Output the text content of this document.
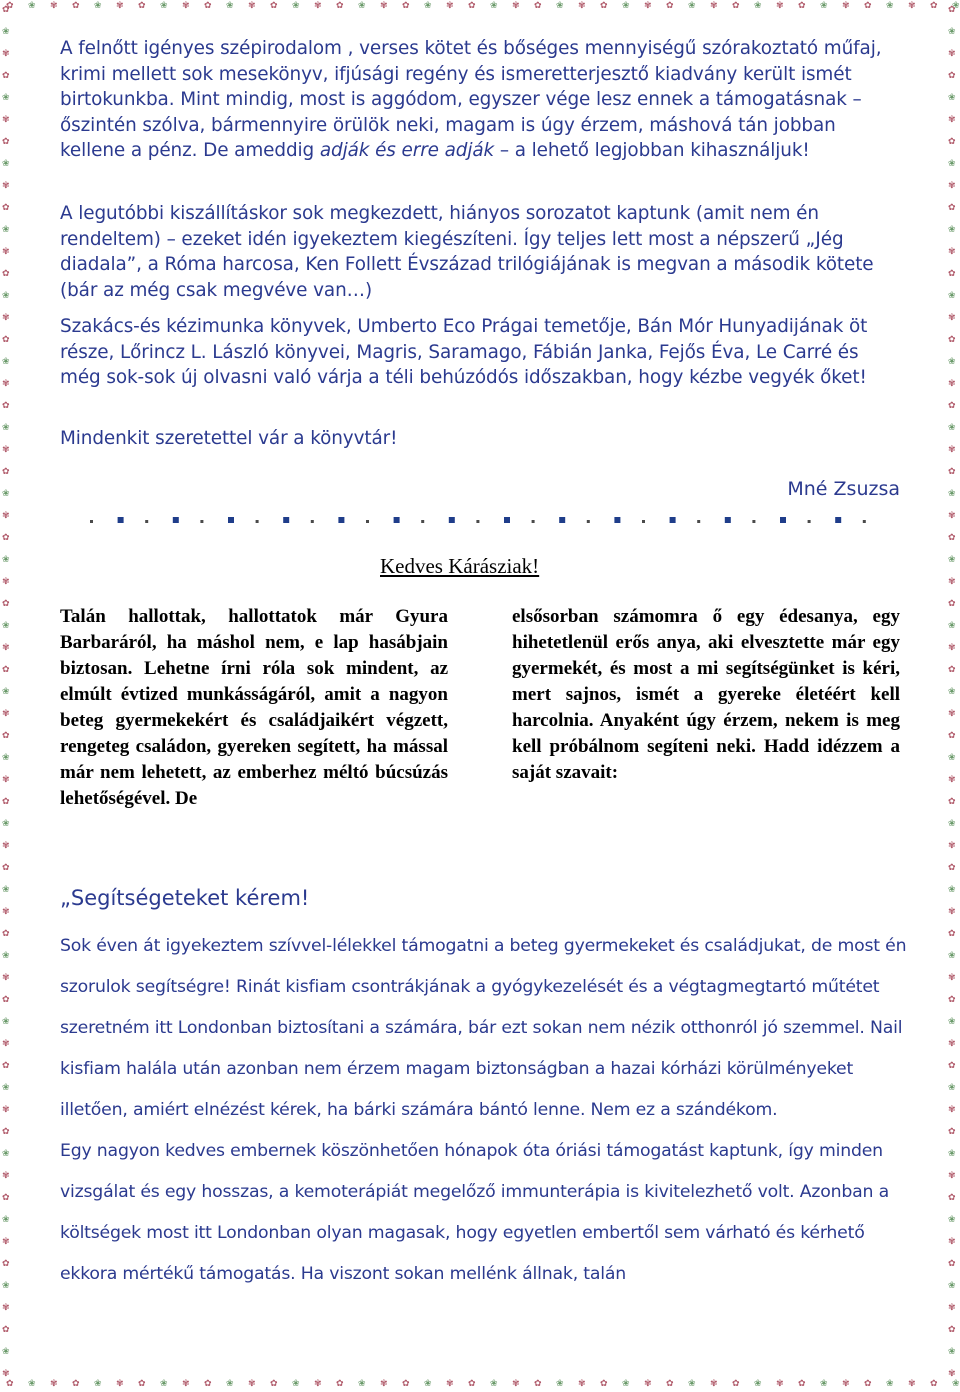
✿ ❀ ✾ ✿ ❀ ✾ ✿ ❀ ✾ ✿ ❀ ✾ ✿ ❀ ✾ ✿ ❀ ✾ ✿ ❀ ✾ ✿ ❀ ✾ ✿ ❀ ✾ ✿ ❀ ✾ ✿ ❀ ✾ ✿ ❀ ✾ ✿ ❀ ✾ ✿ ❀ ✾ ✿ ❀
✿ ❀ ✾ ✿ ❀ ✾ ✿ ❀ ✾ ✿ ❀ ✾ ✿ ❀ ✾ ✿ ❀ ✾ ✿ ❀ ✾ ✿ ❀ ✾ ✿ ❀ ✾ ✿ ❀ ✾ ✿ ❀ ✾ ✿ ❀ ✾ ✿ ❀ ✾ ✿ ❀ ✾ ✿ ❀
✿
❀
✾
✿
❀
✾
✿
❀
✾
✿
❀
✾
✿
❀
✾
✿
❀
✾
✿
❀
✾
✿
❀
✾
✿
❀
✾
✿
❀
✾
✿
❀
✾
✿
❀
✾
✿
❀
✾
✿
❀
✾
✿
❀
✾
✿
❀
✾
✿
❀
✾
✿
❀
✾
✿
❀
✾
✿
❀
✾
✿
❀
✾
✿
❀
✾
✿
❀
✾
✿
❀
✾
✿
❀
✾
✿
❀
✾
✿
❀
✾
✿
❀
✾
✿
❀
✾
✿
❀
✾
✿
❀
✾
✿
❀
✾
✿
❀
✾
✿
❀
✾
✿
❀
✾
✿
❀
✾
✿
❀
✾
✿
❀
✾
✿
❀
✾
✿
❀
✾
✿
❀
✾
✿
❀
✾
A felnőtt igényes szépirodalom , verses kötet és bőséges mennyiségű szórakoztató műfaj, krimi mellett sok mesekönyv, ifjúsági regény és ismeretterjesztő kiadvány került ismét birtokunkba. Mint mindig, most is aggódom, egyszer vége lesz ennek a támogatásnak – őszintén szólva, bármennyire örülök neki, magam is úgy érzem, máshová tán jobban kellene a pénz. De ameddig adják és erre adják – a lehető legjobban kihasználjuk!
A legutóbbi kiszállításkor sok megkezdett, hiányos sorozatot kaptunk (amit nem én rendeltem) – ezeket idén igyekeztem kiegészíteni. Így teljes lett most a népszerű „Jég diadala”, a Róma harcosa, Ken Follett Évszázad trilógiájának is megvan a második kötete (bár az még csak megvéve van…)
Szakács-és kézimunka könyvek, Umberto Eco Prágai temetője, Bán Mór Hunyadijának öt része, Lőrincz L. László könyvei, Magris, Saramago, Fábián Janka, Fejős Éva, Le Carré és még sok-sok új olvasni való várja a téli behúzódós időszakban, hogy kézbe vegyék őket!
Mindenkit szeretettel vár a könyvtár!
Mné Zsuzsa
Kedves Kárásziak!
Talán hallottak, hallottatok már Gyura Barbaráról, ha máshol nem, e lap hasábjain biztosan. Lehetne írni róla sok mindent, az elmúlt évtized munkásságáról, amit a nagyon beteg gyermekekért és családjaikért végzett, rengeteg családon, gyereken segített, ha mással már nem lehetett, az emberhez méltó búcsúzás lehetőségével. De
elsősorban számomra ő egy édesanya, egy hihetetlenül erős anya, aki elvesztette már egy gyermekét, és most a mi segítségünket is kéri, mert sajnos, ismét a gyereke életéért kell harcolnia. Anyaként úgy érzem, nekem is meg kell próbálnom segíteni neki. Hadd idézzem a saját szavait:
„Segítségeteket kérem!

Sok éven át igyekeztem szívvel-lélekkel támogatni a beteg gyermekeket és családjukat, de most én szorulok segítségre! Rinát kisfiam csontrákjának a gyógykezelését és a végtagmegtartó műtétet szeretném itt Londonban biztosítani a számára, bár ezt sokan nem nézik otthonról jó szemmel. Nail kisfiam halála után azonban nem érzem magam biztonságban a hazai kórházi körülményeket illetően, amiért elnézést kérek, ha bárki számára bántó lenne. Nem ez a szándékom.

Egy nagyon kedves embernek köszönhetően hónapok óta óriási támogatást kaptunk, így minden vizsgálat és egy hosszas, a kemoterápiát megelőző immunterápia is kivitelezhető volt. Azonban a költségek most itt Londonban olyan magasak, hogy egyetlen embertől sem várható és kérhető ekkora mértékű támogatás. Ha viszont sokan mellénk állnak, talán
